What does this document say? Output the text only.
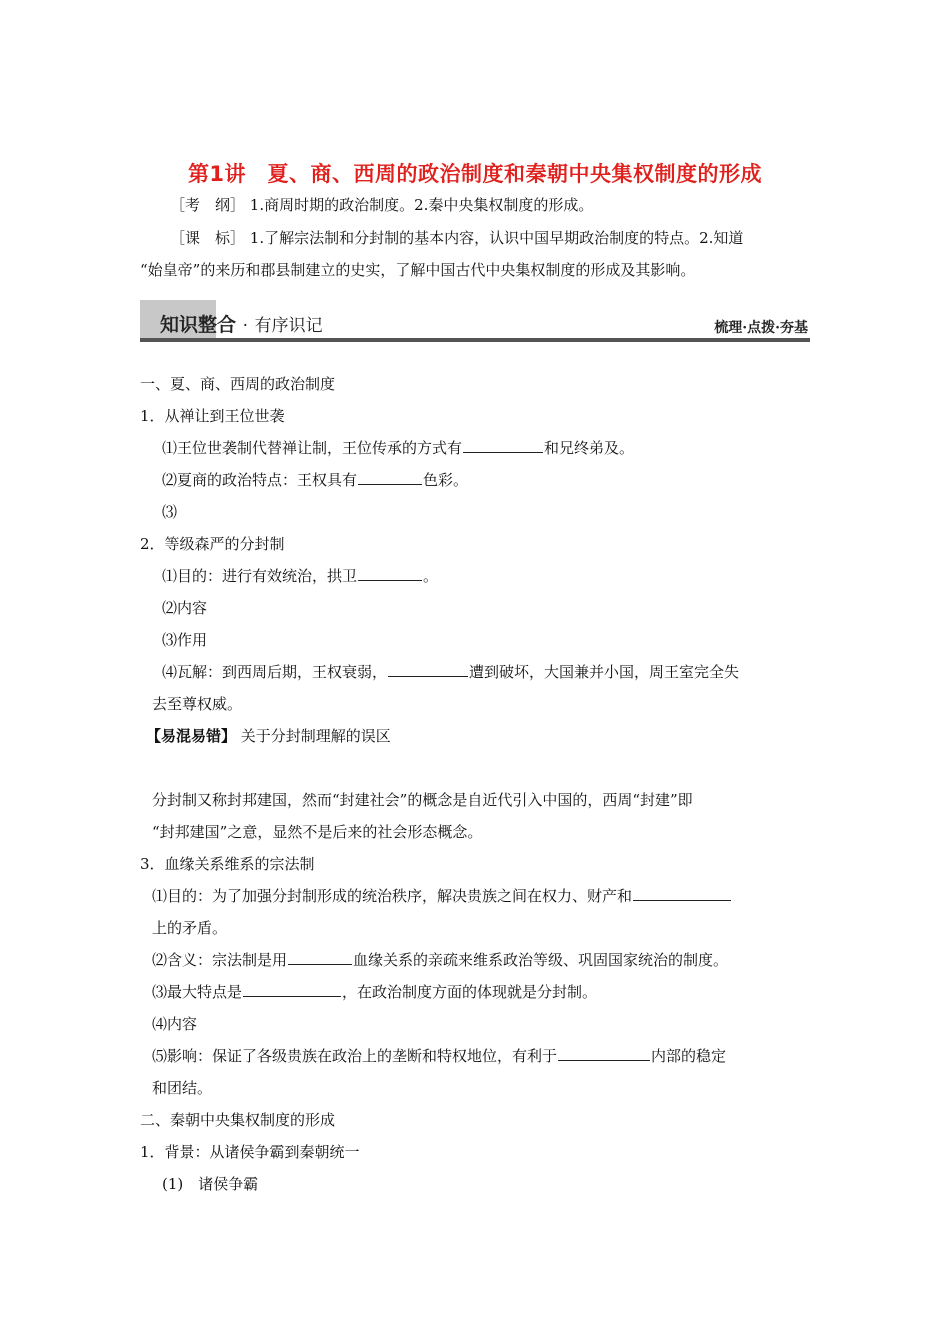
第1讲　夏、商、西周的政治制度和秦朝中央集权制度的形成
［考　纲］ 1.商周时期的政治制度。2.秦中央集权制度的形成。
［课　标］ 1.了解宗法制和分封制的基本内容，认识中国早期政治制度的特点。2.知道
“始皇帝”的来历和郡县制建立的史实，了解中国古代中央集权制度的形成及其影响。
知识整合 · 有序识记	梳理·点拨·夯基
一、夏、商、西周的政治制度
1．从禅让到王位世袭
⑴王位世袭制代替禅让制，王位传承的方式有	和兄终弟及。
⑵夏商的政治特点：王权具有	色彩。
⑶
2．等级森严的分封制
⑴目的：进行有效统治，拱卫	。
⑵内容
⑶作用
⑷瓦解：到西周后期，王权衰弱，	遭到破坏，大国兼并小国，周王室完全失
去至尊权威。
【易混易错】 关于分封制理解的误区
分封制又称封邦建国，然而“封建社会”的概念是自近代引入中国的，西周“封建”即
“封邦建国”之意，显然不是后来的社会形态概念。
3．血缘关系维系的宗法制
⑴目的：为了加强分封制形成的统治秩序，解决贵族之间在权力、财产和
上的矛盾。
⑵含义：宗法制是用	血缘关系的亲疏来维系政治等级、巩固国家统治的制度。
⑶最大特点是	，在政治制度方面的体现就是分封制。
⑷内容
⑸影响：保证了各级贵族在政治上的垄断和特权地位，有利于	内部的稳定
和团结。
二、秦朝中央集权制度的形成
1．背景：从诸侯争霸到秦朝统一
(1)　诸侯争霸
